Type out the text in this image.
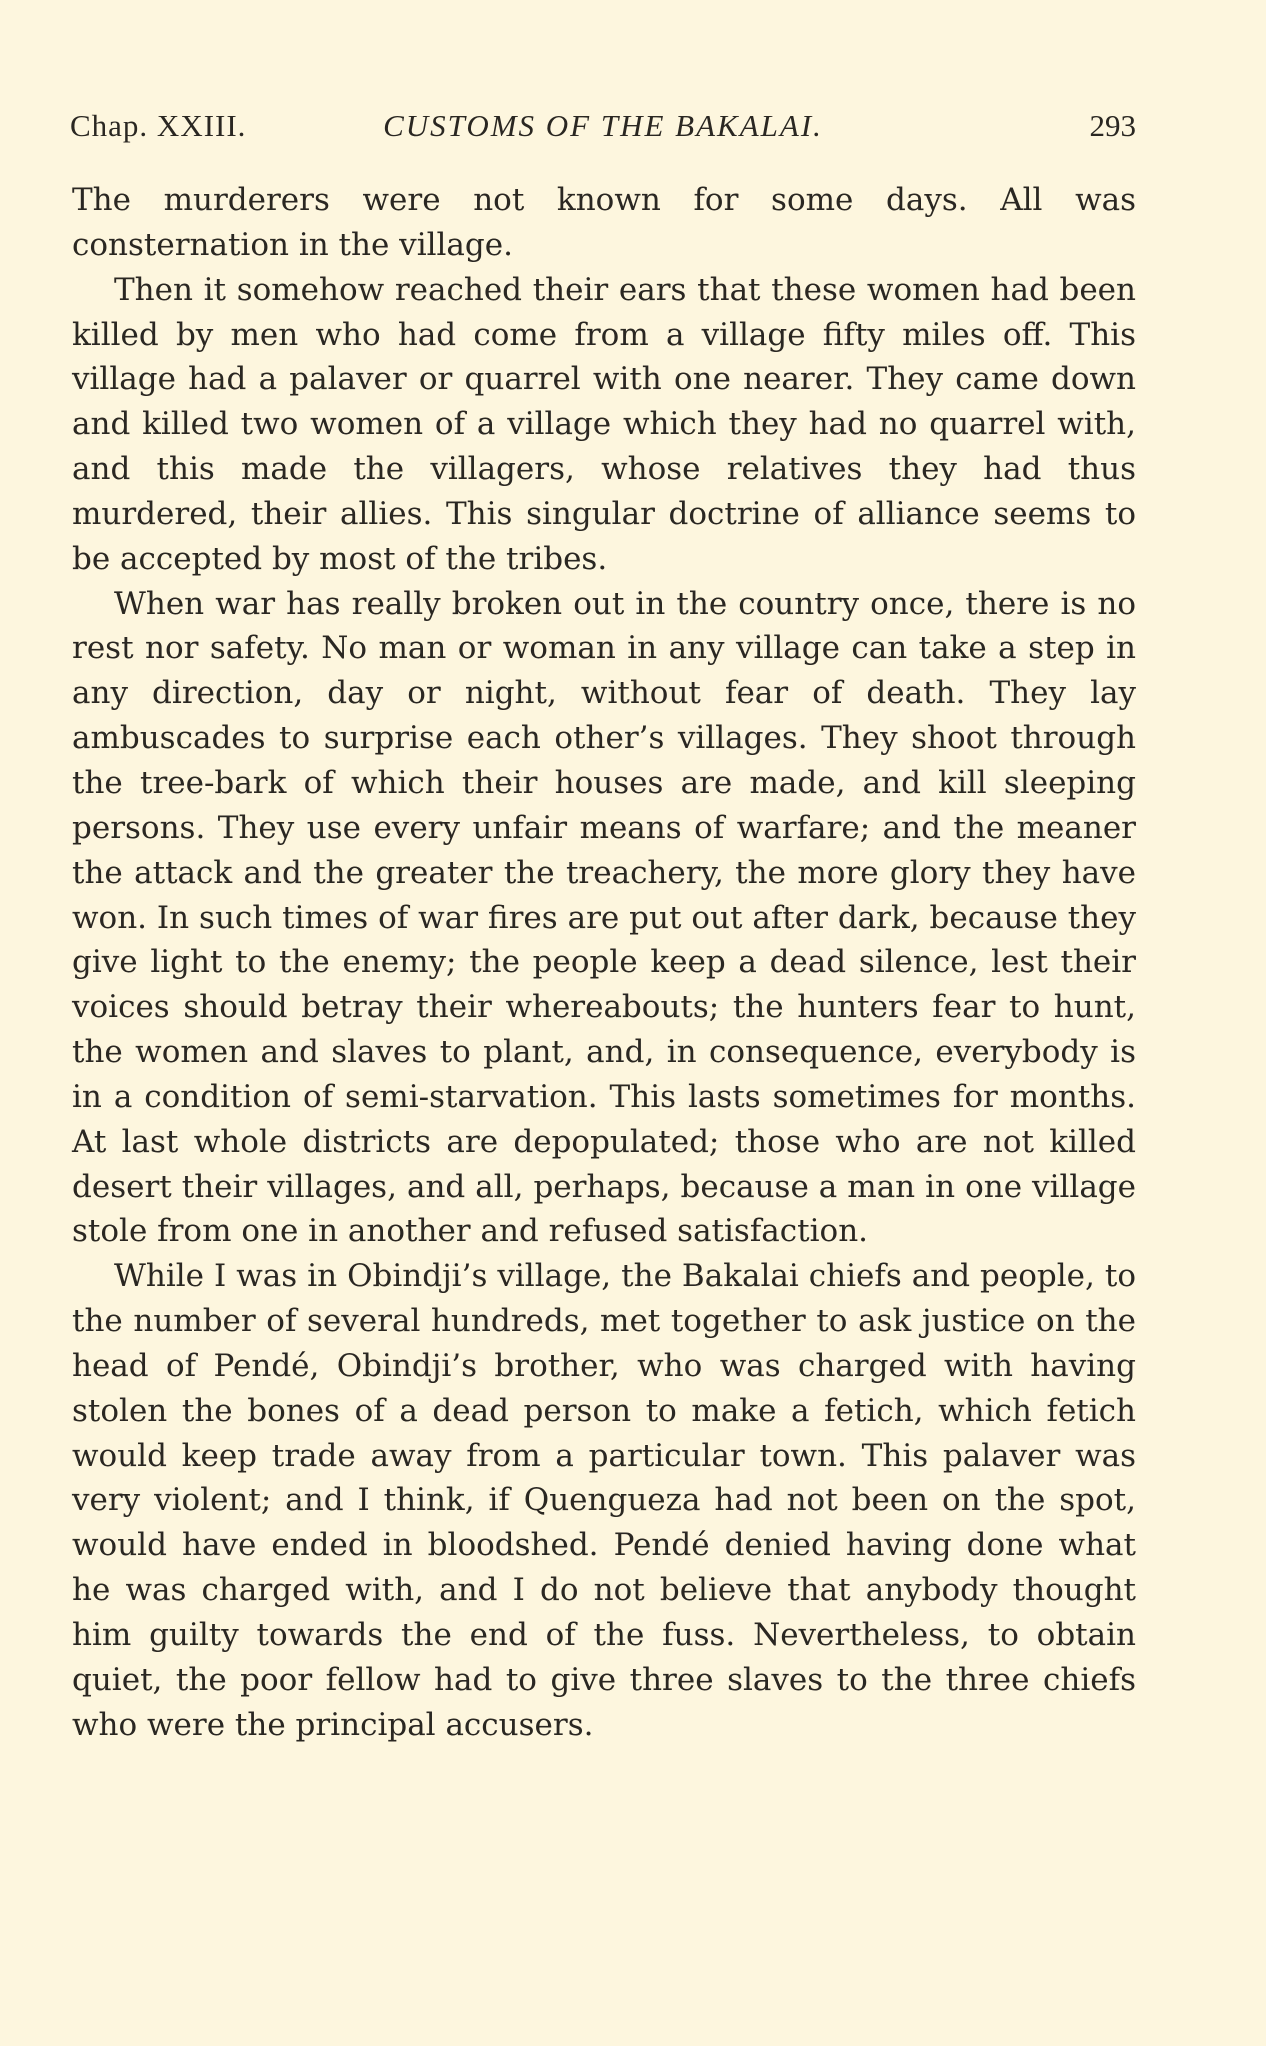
Chap. XXIII.	CUSTOMS OF THE BAKALAI.	293

The murderers were not known for some days. All was consternation in the village.

Then it somehow reached their ears that these women had been killed by men who had come from a village fifty miles off. This village had a palaver or quarrel with one nearer. They came down and killed two women of a village which they had no quarrel with, and this made the villagers, whose relatives they had thus murdered, their allies. This singular doctrine of alliance seems to be accepted by most of the tribes.

When war has really broken out in the country once, there is no rest nor safety. No man or woman in any village can take a step in any direction, day or night, without fear of death. They lay ambuscades to surprise each other’s villages. They shoot through the tree-bark of which their houses are made, and kill sleeping persons. They use every unfair means of warfare; and the meaner the attack and the greater the treachery, the more glory they have won. In such times of war fires are put out after dark, because they give light to the enemy; the people keep a dead silence, lest their voices should betray their whereabouts; the hunters fear to hunt, the women and slaves to plant, and, in consequence, everybody is in a condition of semi-starvation. This lasts sometimes for months. At last whole districts are depopulated; those who are not killed desert their villages, and all, perhaps, because a man in one village stole from one in another and refused satisfaction.

While I was in Obindji’s village, the Bakalai chiefs and people, to the number of several hundreds, met together to ask justice on the head of Pendé, Obindji’s brother, who was charged with having stolen the bones of a dead person to make a fetich, which fetich would keep trade away from a particular town. This palaver was very violent; and I think, if Quengueza had not been on the spot, would have ended in bloodshed. Pendé denied having done what he was charged with, and I do not believe that anybody thought him guilty towards the end of the fuss. Nevertheless, to obtain quiet, the poor fellow had to give three slaves to the three chiefs who were the principal accusers.
